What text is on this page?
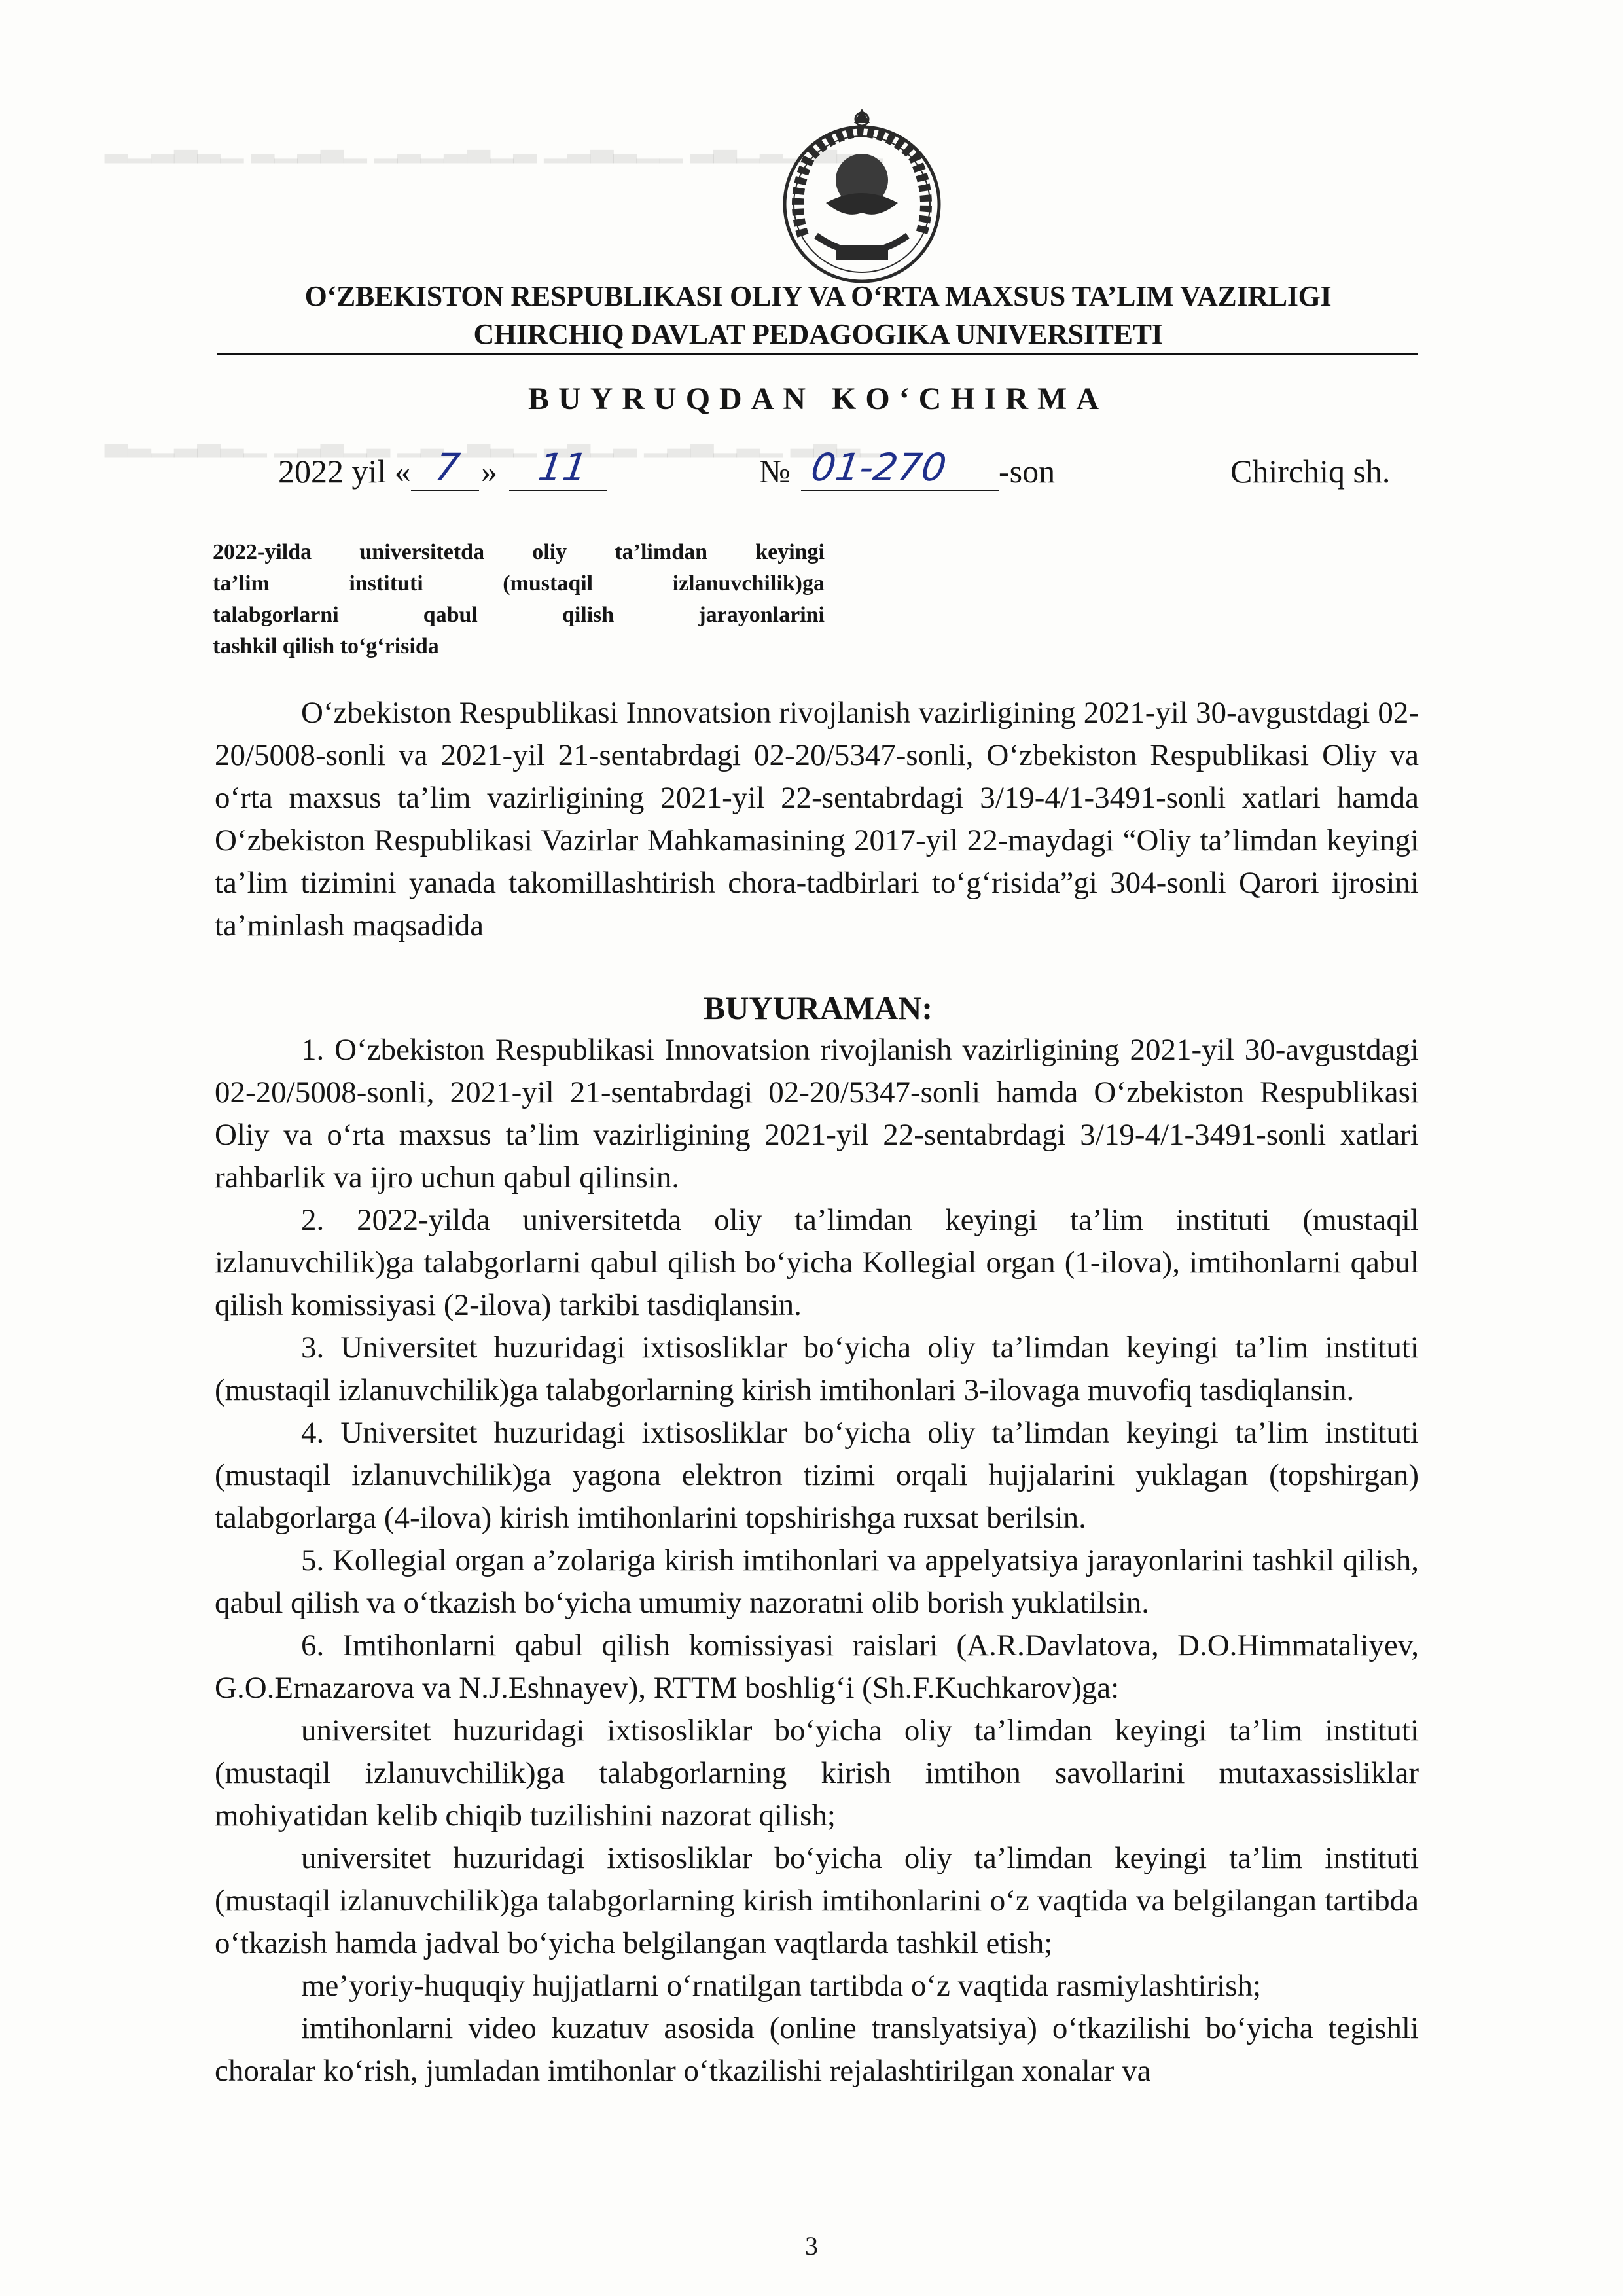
▁▂▃ ▁▂▁▃▂ ▁▁▂▃▂▁ ▂▁▃▂▁▂▁ ▁▃▂▁▂ ▁▂▃▂▁▂
▁▂▃▂ ▁▂▁▃▂▁ ▂▁▃▂ ▁▂▃▁▂▁ ▂▁▃▂▁ ▁▂▃▂▁▂▃
O‘ZBEKISTON RESPUBLIKASI OLIY VA O‘RTA MAXSUS TA’LIM VAZIRLIGI
CHIRCHIQ DAVLAT PEDAGOGIKA UNIVERSITETI
BUYRUQDAN KO‘CHIRMA
2022 yil « 7 » 11	№ 01-270 -son	Chirchiq sh.
2022-yilda universitetda oliy ta’limdan keyingi
ta’lim instituti (mustaqil izlanuvchilik)ga
talabgorlarni qabul qilish jarayonlarini
tashkil qilish to‘g‘risida

O‘zbekiston Respublikasi Innovatsion rivojlanish vazirligining 2021-yil 30-avgustdagi 02-20/5008-sonli va 2021-yil 21-sentabrdagi 02-20/5347-sonli, O‘zbekiston Respublikasi Oliy va o‘rta maxsus ta’lim vazirligining 2021-yil 22-sentabrdagi 3/19-4/1-3491-sonli xatlari hamda O‘zbekiston Respublikasi Vazirlar Mahkamasining 2017-yil 22-maydagi “Oliy ta’limdan keyingi ta’lim tizimini yanada takomillashtirish chora-tadbirlari to‘g‘risida”gi 304-sonli Qarori ijrosini ta’minlash maqsadida

BUYURAMAN:

1. O‘zbekiston Respublikasi Innovatsion rivojlanish vazirligining 2021-yil 30-avgustdagi 02-20/5008-sonli, 2021-yil 21-sentabrdagi 02-20/5347-sonli hamda O‘zbekiston Respublikasi Oliy va o‘rta maxsus ta’lim vazirligining 2021-yil 22-sentabrdagi 3/19-4/1-3491-sonli xatlari rahbarlik va ijro uchun qabul qilinsin.

2. 2022-yilda universitetda oliy ta’limdan keyingi ta’lim instituti (mustaqil izlanuvchilik)ga talabgorlarni qabul qilish bo‘yicha Kollegial organ (1-ilova), imtihonlarni qabul qilish komissiyasi (2-ilova) tarkibi tasdiqlansin.

3. Universitet huzuridagi ixtisosliklar bo‘yicha oliy ta’limdan keyingi ta’lim instituti (mustaqil izlanuvchilik)ga talabgorlarning kirish imtihonlari 3-ilovaga muvofiq tasdiqlansin.

4. Universitet huzuridagi ixtisosliklar bo‘yicha oliy ta’limdan keyingi ta’lim instituti (mustaqil izlanuvchilik)ga yagona elektron tizimi orqali hujjalarini yuklagan (topshirgan) talabgorlarga (4-ilova) kirish imtihonlarini topshirishga ruxsat berilsin.

5. Kollegial organ a’zolariga kirish imtihonlari va appelyatsiya jarayonlarini tashkil qilish, qabul qilish va o‘tkazish bo‘yicha umumiy nazoratni olib borish yuklatilsin.

6. Imtihonlarni qabul qilish komissiyasi raislari (A.R.Davlatova, D.O.Himmataliyev, G.O.Ernazarova va N.J.Eshnayev), RTTM boshlig‘i (Sh.F.Kuchkarov)ga:

universitet huzuridagi ixtisosliklar bo‘yicha oliy ta’limdan keyingi ta’lim instituti (mustaqil izlanuvchilik)ga talabgorlarning kirish imtihon savollarini mutaxassisliklar mohiyatidan kelib chiqib tuzilishini nazorat qilish;

universitet huzuridagi ixtisosliklar bo‘yicha oliy ta’limdan keyingi ta’lim instituti (mustaqil izlanuvchilik)ga talabgorlarning kirish imtihonlarini o‘z vaqtida va belgilangan tartibda o‘tkazish hamda jadval bo‘yicha belgilangan vaqtlarda tashkil etish;

me’yoriy-huquqiy hujjatlarni o‘rnatilgan tartibda o‘z vaqtida rasmiylashtirish;

imtihonlarni video kuzatuv asosida (online translyatsiya) o‘tkazilishi bo‘yicha tegishli choralar ko‘rish, jumladan imtihonlar o‘tkazilishi rejalashtirilgan xonalar va

3
